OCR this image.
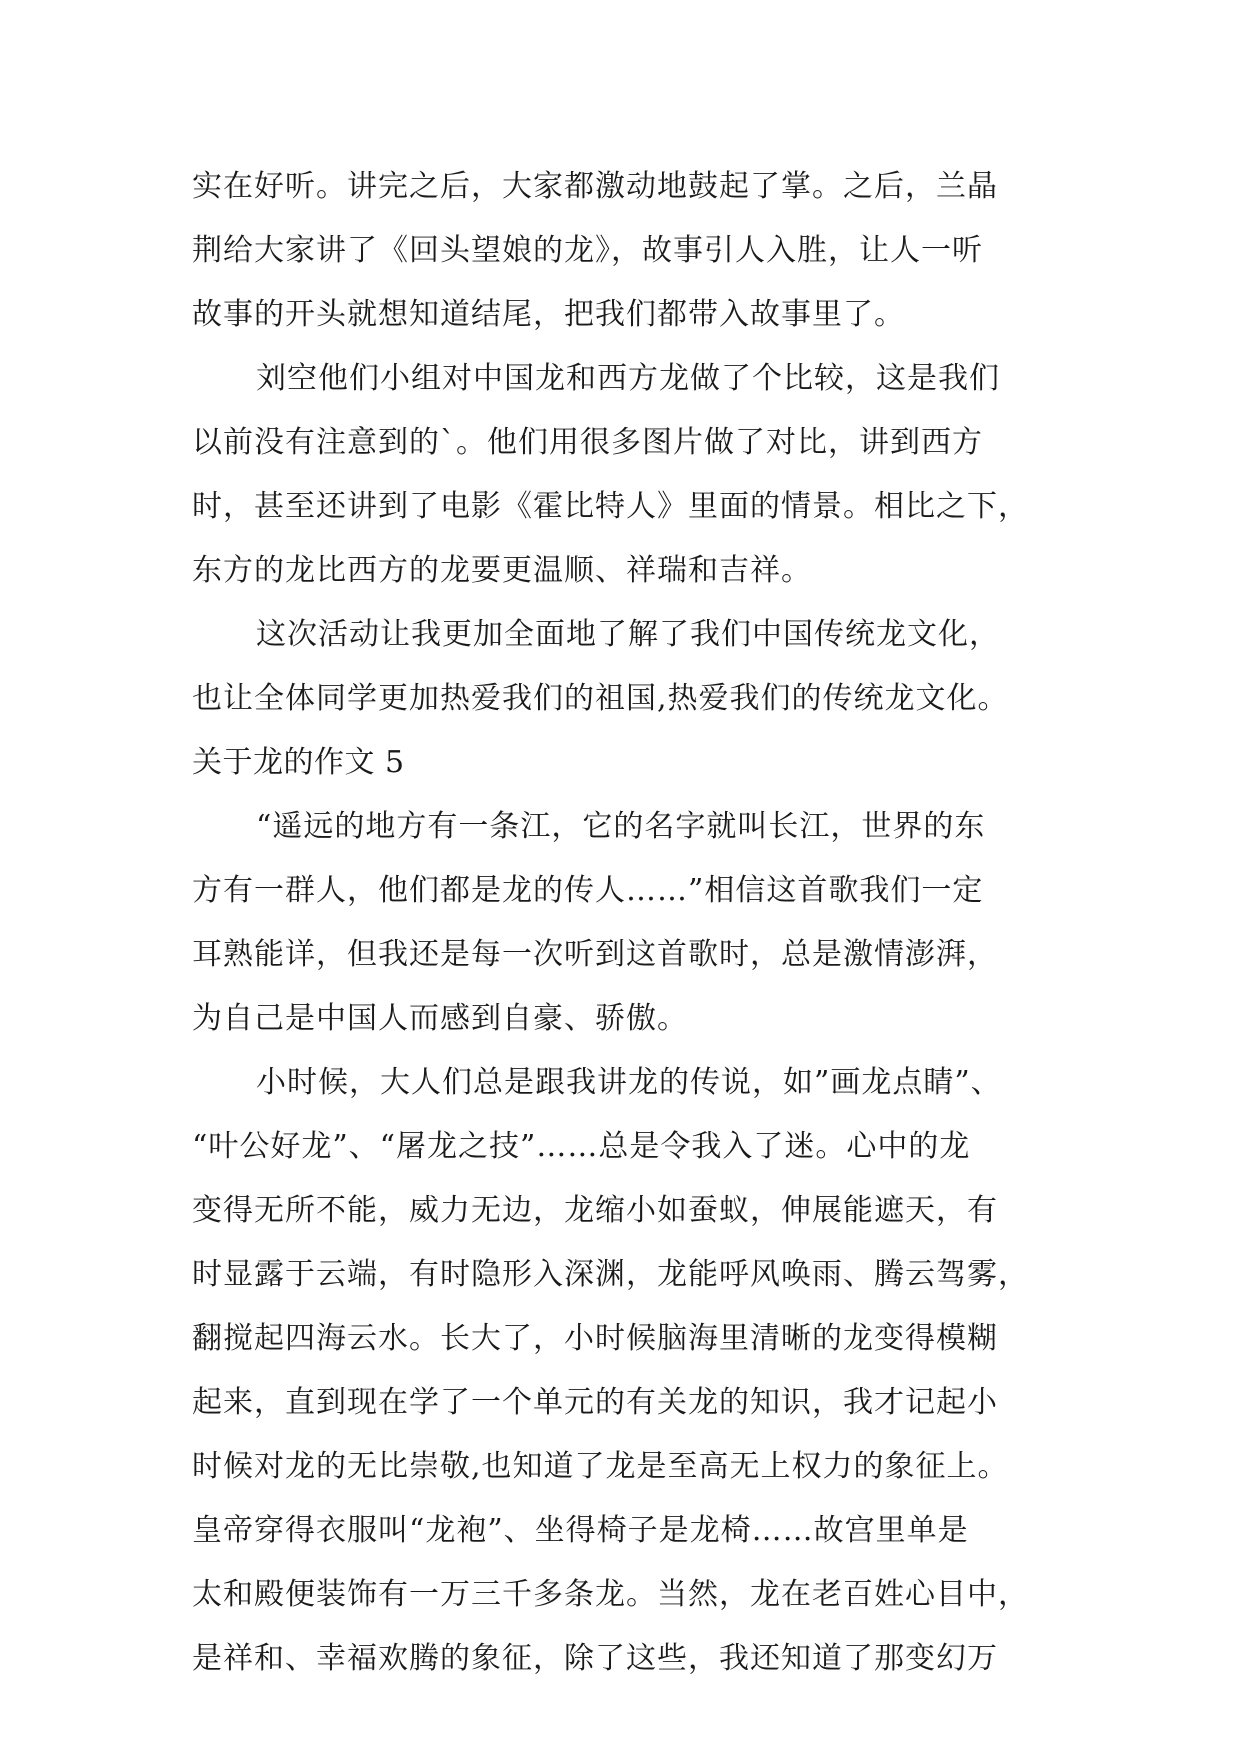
实在好听。讲完之后，大家都激动地鼓起了掌。之后，兰晶
荆给大家讲了《回头望娘的龙》，故事引人入胜，让人一听
故事的开头就想知道结尾，把我们都带入故事里了。
刘空他们小组对中国龙和西方龙做了个比较，这是我们
以前没有注意到的`。他们用很多图片做了对比，讲到西方
时，甚至还讲到了电影《霍比特人》里面的情景。相比之下，
东方的龙比西方的龙要更温顺、祥瑞和吉祥。
这次活动让我更加全面地了解了我们中国传统龙文化，
也让全体同学更加热爱我们的祖国,热爱我们的传统龙文化。
关于龙的作文 5
“遥远的地方有一条江，它的名字就叫长江，世界的东
方有一群人，他们都是龙的传人……”相信这首歌我们一定
耳熟能详，但我还是每一次听到这首歌时，总是激情澎湃，
为自己是中国人而感到自豪、骄傲。
小时候，大人们总是跟我讲龙的传说，如”画龙点睛”、
“叶公好龙”、“屠龙之技”……总是令我入了迷。心中的龙
变得无所不能，威力无边，龙缩小如蚕蚁，伸展能遮天，有
时显露于云端，有时隐形入深渊，龙能呼风唤雨、腾云驾雾，
翻搅起四海云水。长大了，小时候脑海里清晰的龙变得模糊
起来，直到现在学了一个单元的有关龙的知识，我才记起小
时候对龙的无比崇敬,也知道了龙是至高无上权力的象征上。
皇帝穿得衣服叫“龙袍”、坐得椅子是龙椅……故宫里单是
太和殿便装饰有一万三千多条龙。当然，龙在老百姓心目中，
是祥和、幸福欢腾的象征，除了这些，我还知道了那变幻万
